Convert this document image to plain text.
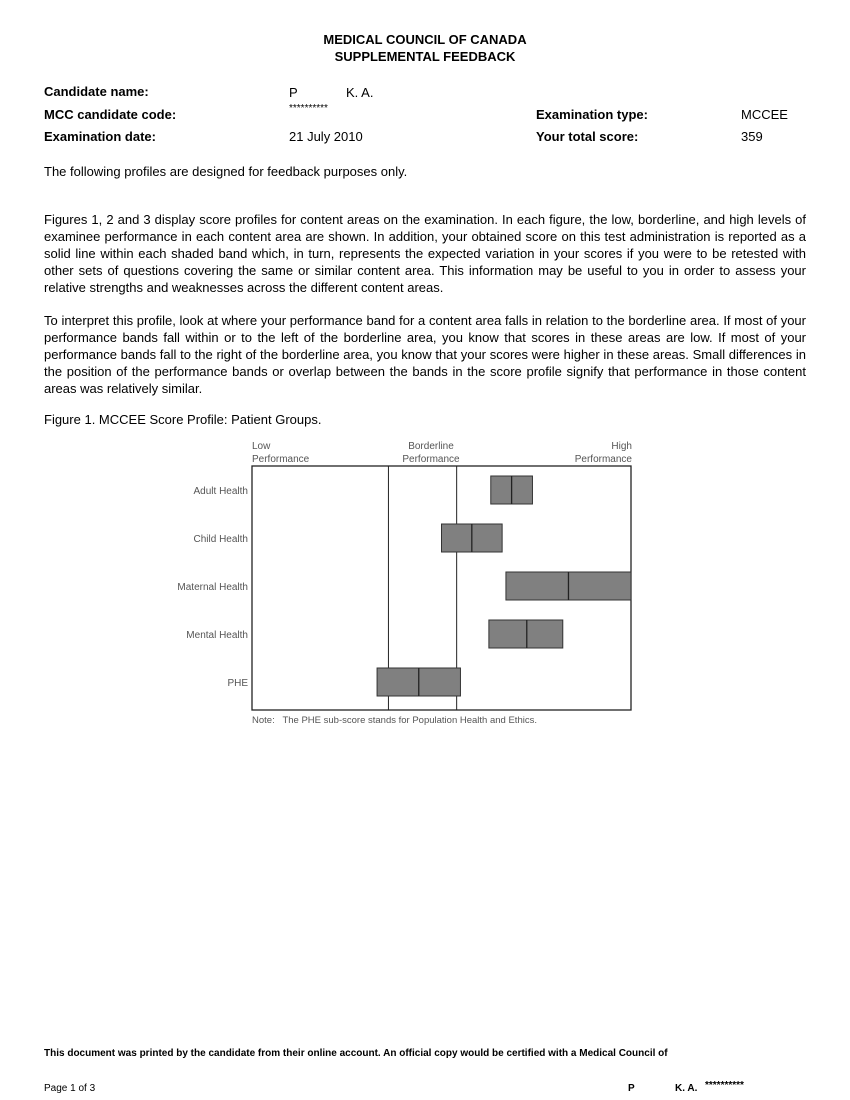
MEDICAL COUNCIL OF CANADA
SUPPLEMENTAL FEEDBACK
Candidate name:	P	K. A.
MCC candidate code:	**********	Examination type:	MCCEE
Examination date:	21 July 2010	Your total score:	359
The following profiles are designed for feedback purposes only.
Figures 1, 2 and 3 display score profiles for content areas on the examination. In each figure, the low, borderline, and high levels of examinee performance in each content area are shown. In addition, your obtained score on this test administration is reported as a solid line within each shaded band which, in turn, represents the expected variation in your scores if you were to be retested with other sets of questions covering the same or similar content area. This information may be useful to you in order to assess your relative strengths and weaknesses across the different content areas.
To interpret this profile, look at where your performance band for a content area falls in relation to the borderline area. If most of your performance bands fall within or to the left of the borderline area, you know that scores in these areas are low. If most of your performance bands fall to the right of the borderline area, you know that your scores were higher in these areas. Small differences in the position of the performance bands or overlap between the bands in the score profile signify that performance in those content areas was relatively similar.
Figure 1. MCCEE Score Profile: Patient Groups.
Low
Performance
Borderline
Performance
High
Performance
Adult Health
Child Health
Maternal Health
Mental Health
PHE
Note:   The PHE sub-score stands for Population Health and Ethics.
This document was printed by the candidate from their online account. An official copy would be certified with a Medical Council of
Page 1 of 3	P	K. A. **********
